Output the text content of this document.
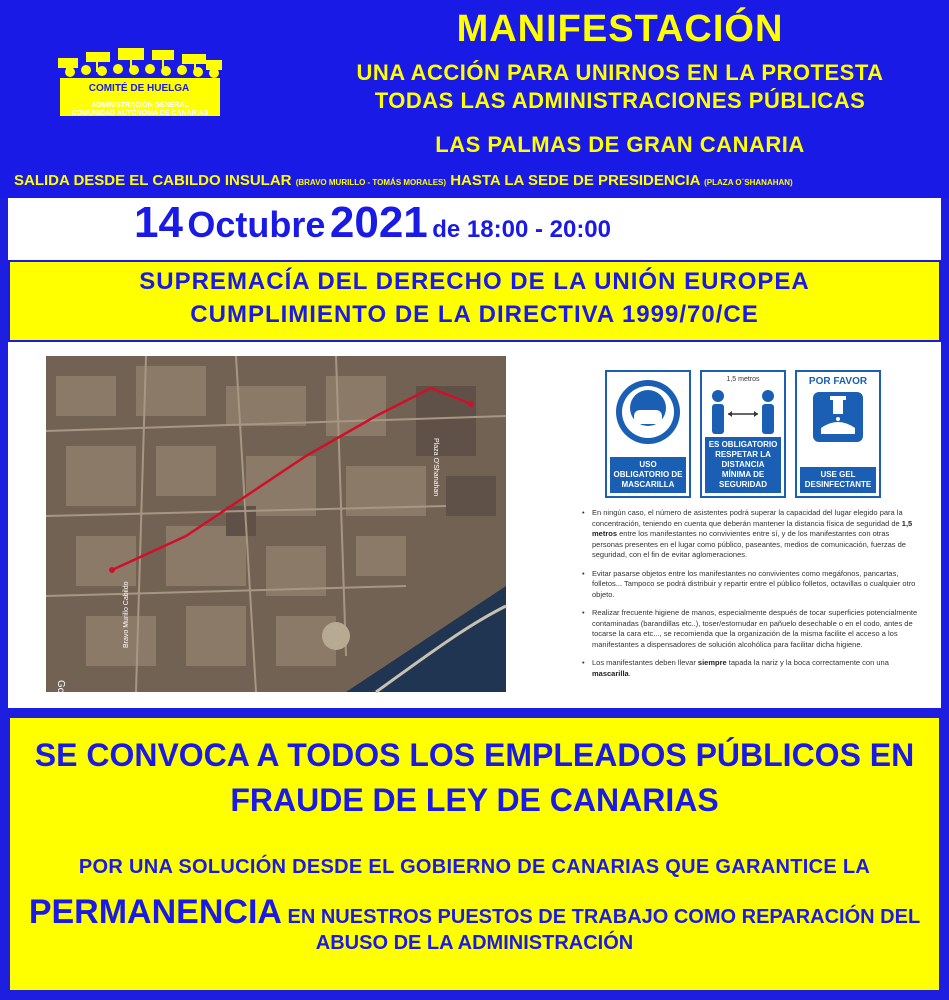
COMITÉ DE HUELGA
ADMINISTRACIÓN GENERAL
COMUNIDAD AUTÓNOMA DE CANARIAS
MANIFESTACIÓN
UNA ACCIÓN PARA UNIRNOS EN LA PROTESTA
TODAS LAS ADMINISTRACIONES PÚBLICAS
LAS PALMAS DE GRAN CANARIA
SALIDA DESDE EL CABILDO INSULAR (BRAVO MURILLO - TOMÁS MORALES) HASTA LA SEDE DE PRESIDENCIA (PLAZA O´SHANAHAN)
14 Octubre 2021 de 18:00 - 20:00
SUPREMACÍA DEL DERECHO DE LA UNIÓN EUROPEA
CUMPLIMIENTO DE LA DIRECTIVA 1999/70/CE
Bravo Murillo Cabildo
Plaza O'Shanahan
Goog
USO OBLIGATORIO DE MASCARILLA
1,5 metros
ES OBLIGATORIO RESPETAR LA DISTANCIA MÍNIMA DE SEGURIDAD
POR FAVOR
USE GEL DESINFECTANTE
• En ningún caso, el número de asistentes podrá superar la capacidad del lugar elegido para la concentración, teniendo en cuenta que deberán mantener la distancia física de seguridad de 1,5 metros entre los manifestantes no convivientes entre sí, y de los manifestantes con otras personas presentes en el lugar como público, paseantes, medios de comunicación, fuerzas de seguridad, con el fin de evitar aglomeraciones.
• Evitar pasarse objetos entre los manifestantes no convivientes como megáfonos, pancartas, folletos... Tampoco se podrá distribuir y repartir entre el público folletos, octavillas o cualquier otro objeto.
• Realizar frecuente higiene de manos, especialmente después de tocar superficies potencialmente contaminadas (barandillas etc..), toser/estornudar en pañuelo desechable o en el codo, antes de tocarse la cara etc..., se recomienda que la organización de la misma facilite el acceso a los manifestantes a dispensadores de solución alcohólica para facilitar dicha higiene.
• Los manifestantes deben llevar siempre tapada la nariz y la boca correctamente con una mascarilla.
SE CONVOCA A TODOS LOS EMPLEADOS PÚBLICOS EN
FRAUDE DE LEY DE CANARIAS
POR UNA SOLUCIÓN DESDE EL GOBIERNO DE CANARIAS QUE GARANTICE LA
PERMANENCIA EN NUESTROS PUESTOS DE TRABAJO COMO REPARACIÓN DEL
ABUSO DE LA ADMINISTRACIÓN
